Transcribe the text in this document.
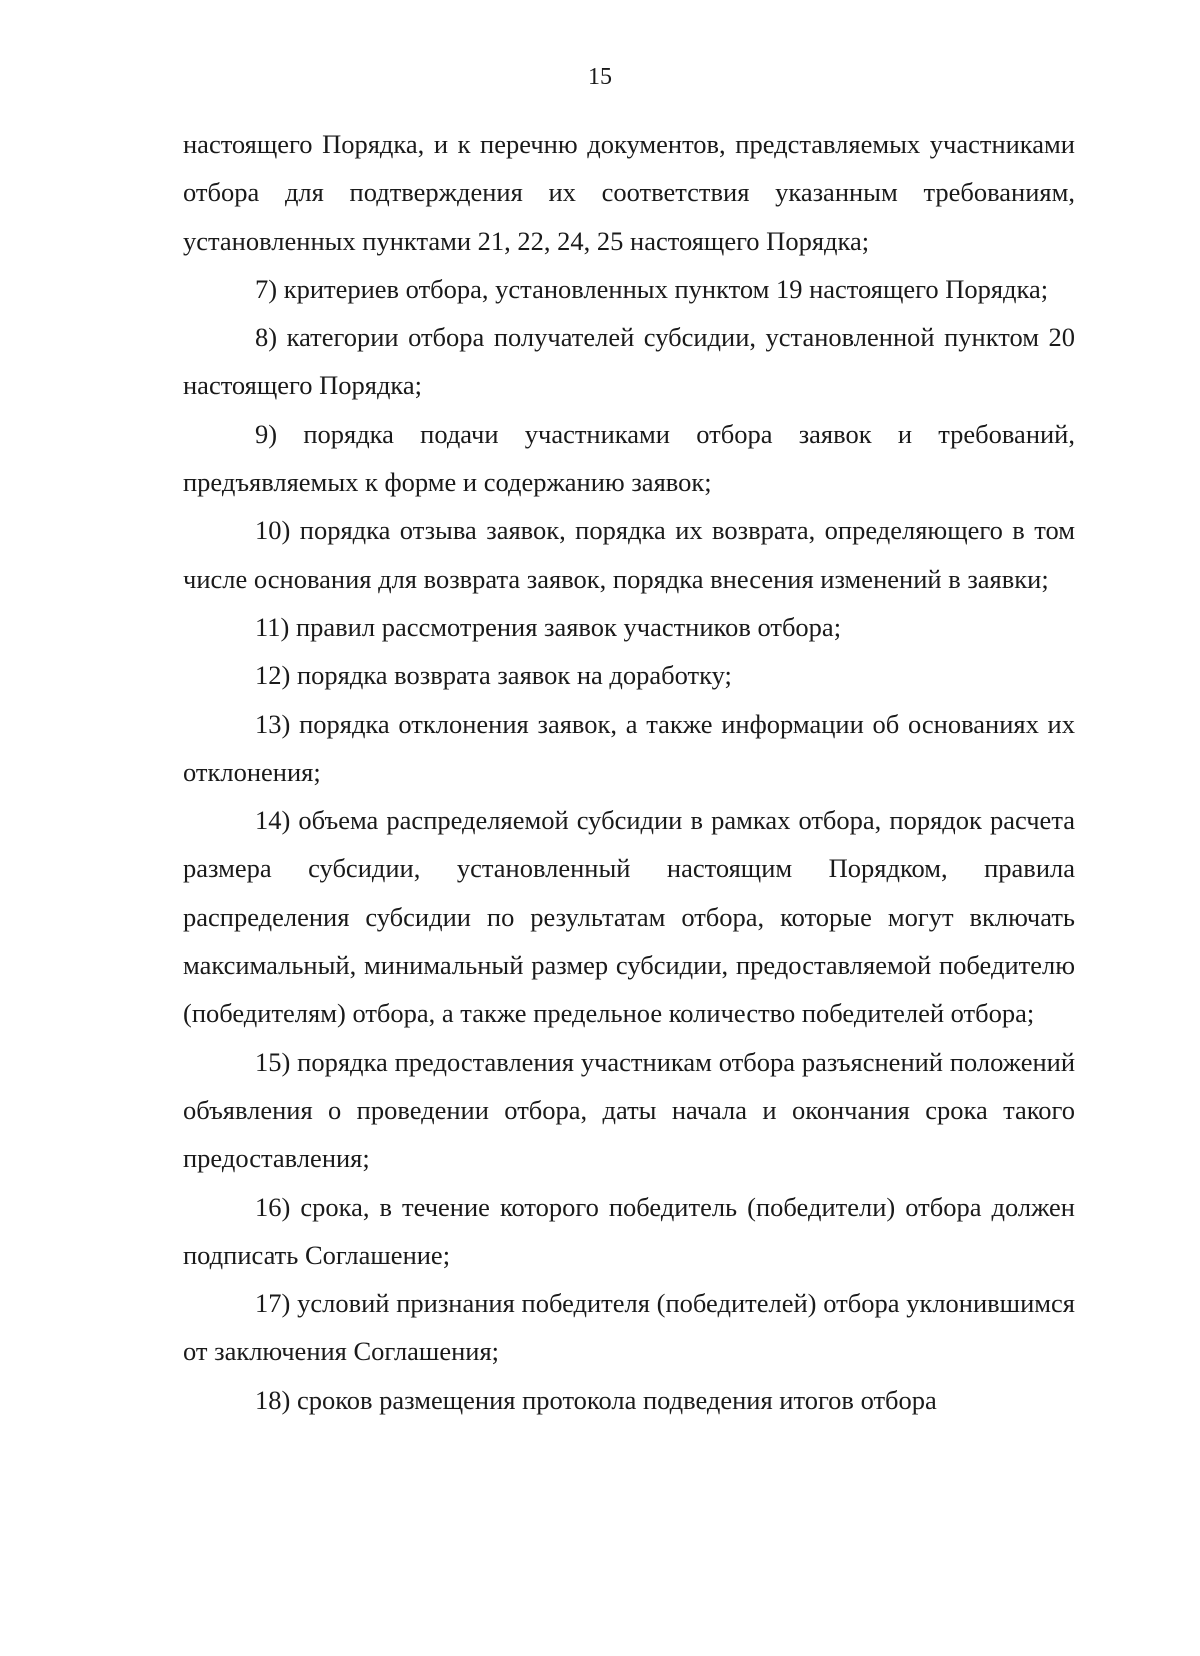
15

настоящего Порядка, и к перечню документов, представляемых участниками отбора для подтверждения их соответствия указанным требованиям, установленных пунктами 21, 22, 24, 25 настоящего Порядка;

7) критериев отбора, установленных пунктом 19 настоящего Порядка;

8) категории отбора получателей субсидии, установленной пунктом 20 настоящего Порядка;

9) порядка подачи участниками отбора заявок и требований, предъявляемых к форме и содержанию заявок;

10) порядка отзыва заявок, порядка их возврата, определяющего в том числе основания для возврата заявок, порядка внесения изменений в заявки;

11) правил рассмотрения заявок участников отбора;

12) порядка возврата заявок на доработку;

13) порядка отклонения заявок, а также информации об основаниях их отклонения;

14) объема распределяемой субсидии в рамках отбора, порядок расчета размера субсидии, установленный настоящим Порядком, правила распределения субсидии по результатам отбора, которые могут включать максимальный, минимальный размер субсидии, предоставляемой победителю (победителям) отбора, а также предельное количество победителей отбора;

15) порядка предоставления участникам отбора разъяснений положений объявления о проведении отбора, даты начала и окончания срока такого предоставления;

16) срока, в течение которого победитель (победители) отбора должен подписать Соглашение;

17) условий признания победителя (победителей) отбора уклонившимся от заключения Соглашения;

18) сроков размещения протокола подведения итогов отбора
